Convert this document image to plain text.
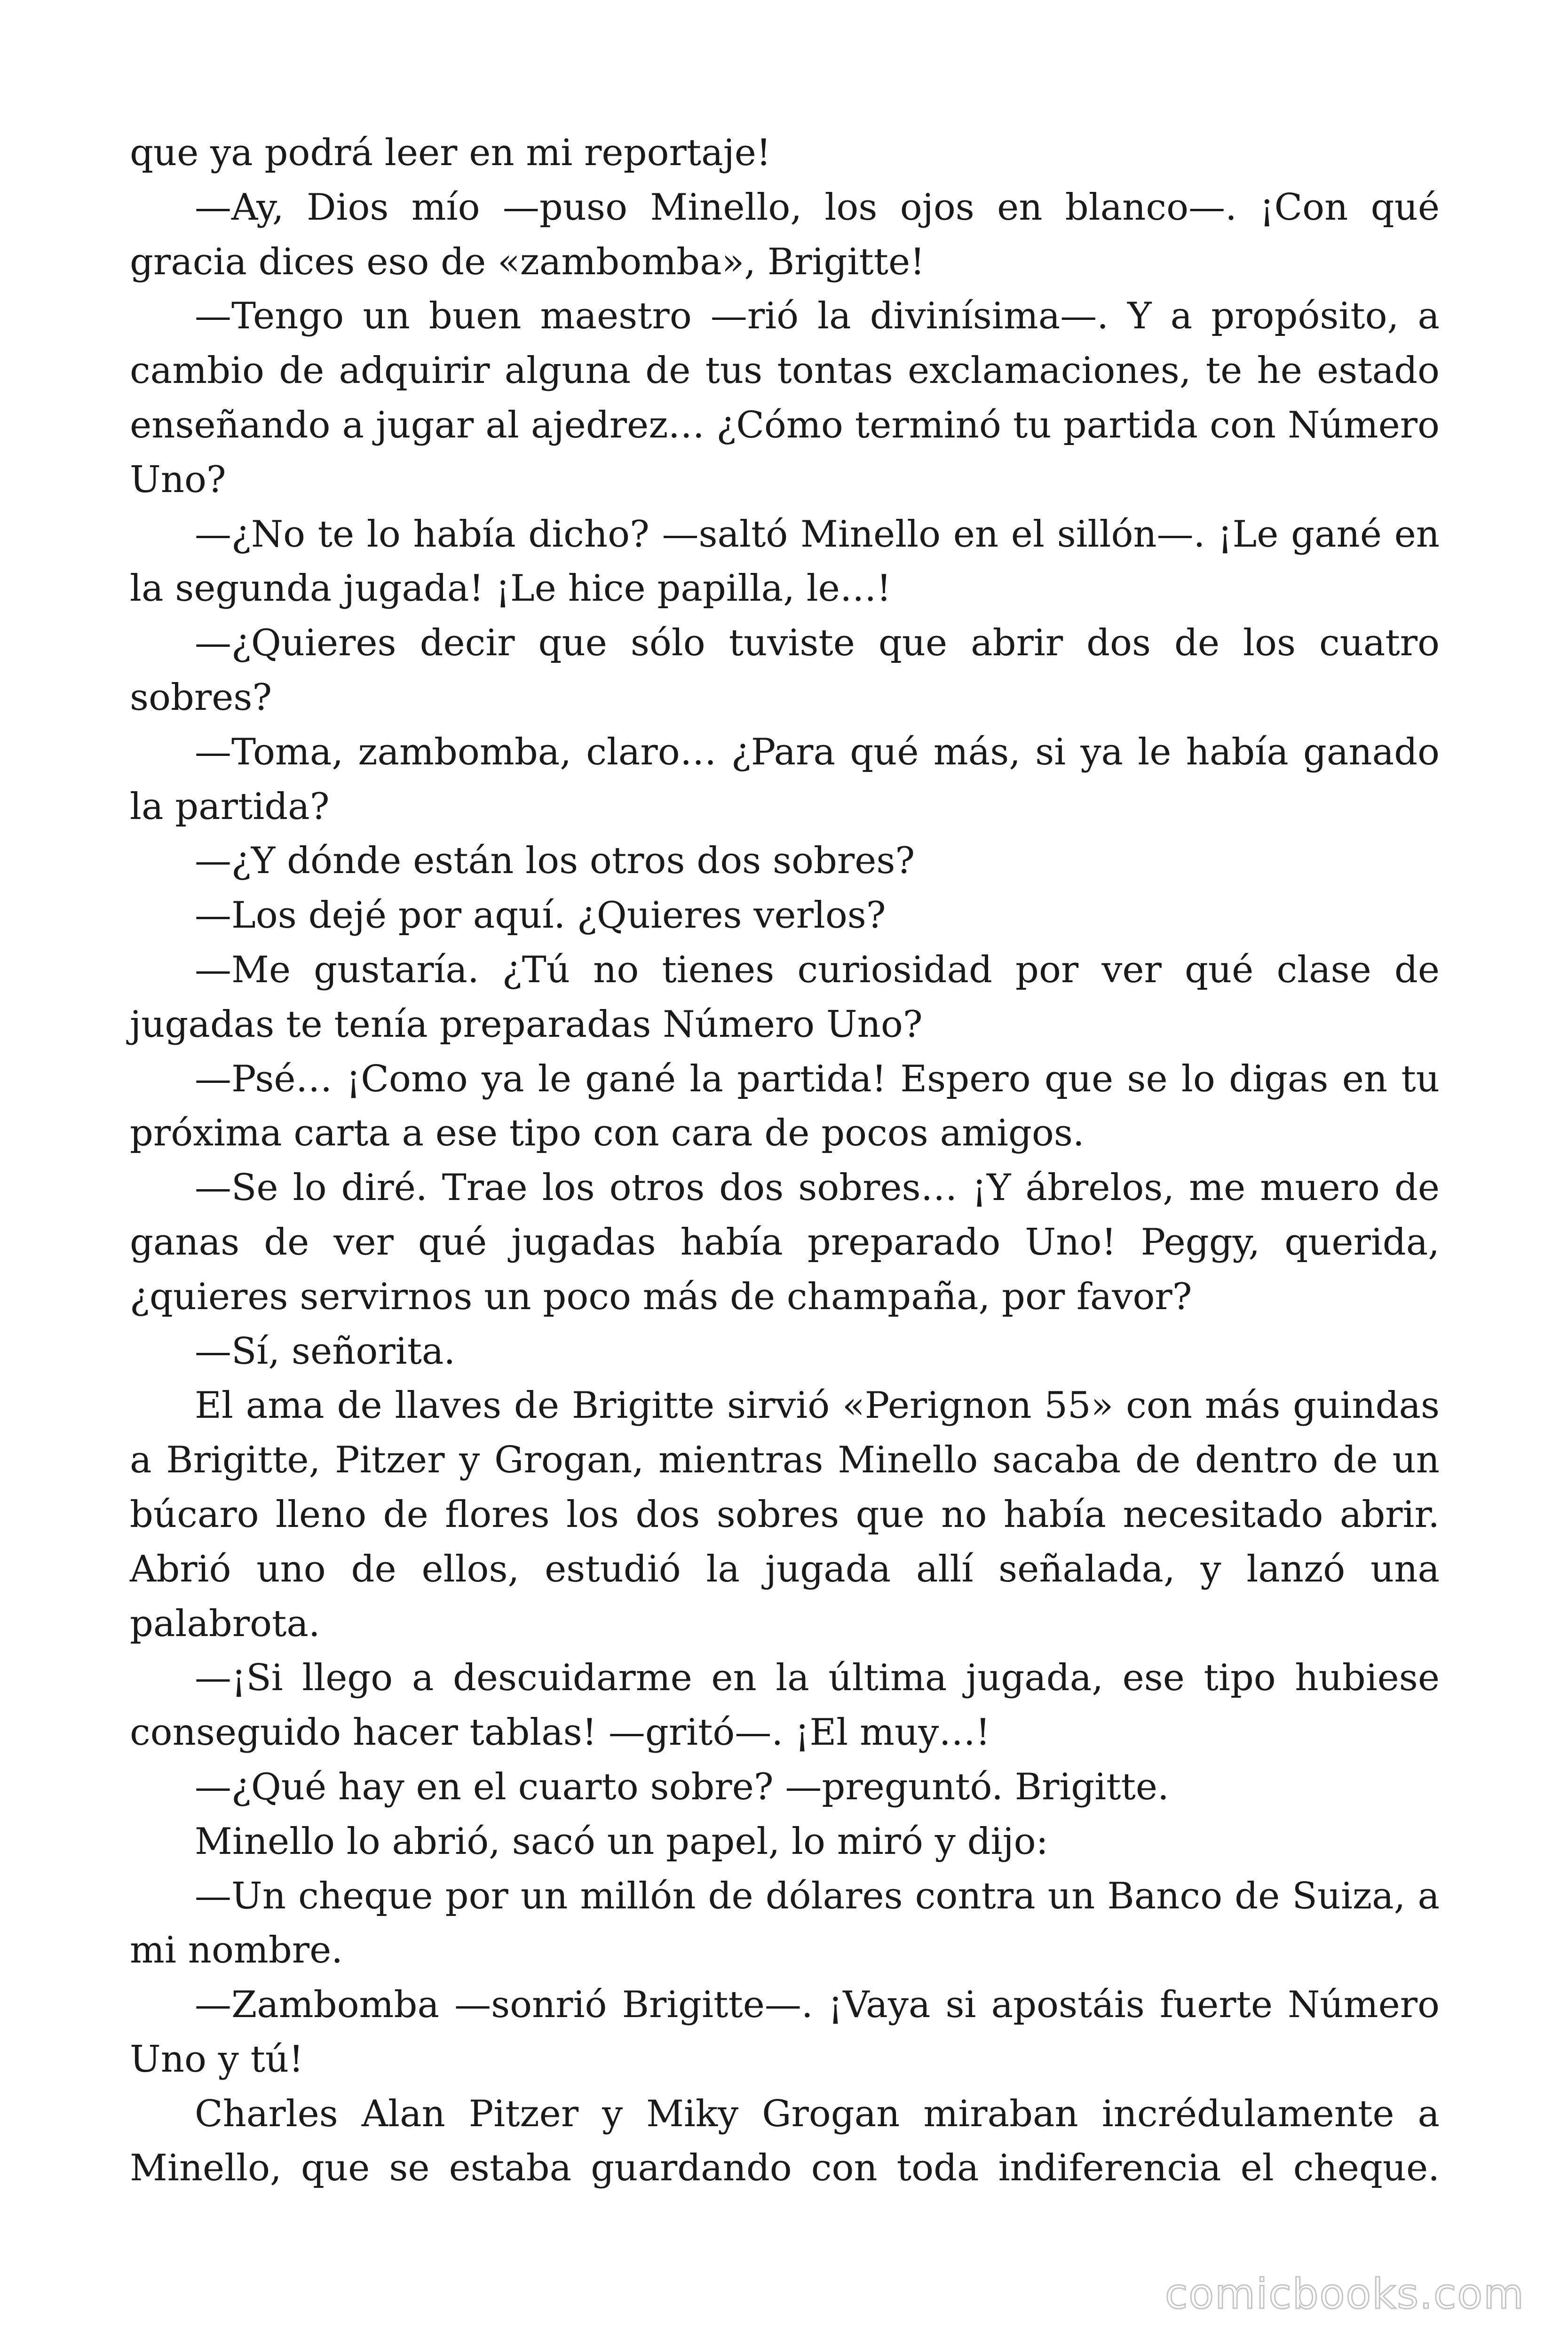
que ya podrá leer en mi reportaje!

—Ay, Dios mío —puso Minello, los ojos en blanco—. ¡Con qué gracia dices eso de «zambomba», Brigitte!

—Tengo un buen maestro —rió la divinísima—. Y a propósito, a cambio de adquirir alguna de tus tontas exclamaciones, te he estado enseñando a jugar al ajedrez… ¿Cómo terminó tu partida con Número Uno?

—¿No te lo había dicho? —saltó Minello en el sillón—. ¡Le gané en la segunda jugada! ¡Le hice papilla, le…!

—¿Quieres decir que sólo tuviste que abrir dos de los cuatro sobres?

—Toma, zambomba, claro… ¿Para qué más, si ya le había ganado la partida?

—¿Y dónde están los otros dos sobres?

—Los dejé por aquí. ¿Quieres verlos?

—Me gustaría. ¿Tú no tienes curiosidad por ver qué clase de jugadas te tenía preparadas Número Uno?

—Psé… ¡Como ya le gané la partida! Espero que se lo digas en tu próxima carta a ese tipo con cara de pocos amigos.

—Se lo diré. Trae los otros dos sobres… ¡Y ábrelos, me muero de ganas de ver qué jugadas había preparado Uno! Peggy, querida, ¿quieres servirnos un poco más de champaña, por favor?

—Sí, señorita.

El ama de llaves de Brigitte sirvió «Perignon 55» con más guindas a Brigitte, Pitzer y Grogan, mientras Minello sacaba de dentro de un búcaro lleno de flores los dos sobres que no había necesitado abrir. Abrió uno de ellos, estudió la jugada allí señalada, y lanzó una palabrota.

—¡Si llego a descuidarme en la última jugada, ese tipo hubiese conseguido hacer tablas! —gritó—. ¡El muy…!

—¿Qué hay en el cuarto sobre? —preguntó. Brigitte.

Minello lo abrió, sacó un papel, lo miró y dijo:

—Un cheque por un millón de dólares contra un Banco de Suiza, a mi nombre.

—Zambomba —sonrió Brigitte—. ¡Vaya si apostáis fuerte Número Uno y tú!

Charles Alan Pitzer y Miky Grogan miraban incrédulamente a Minello, que se estaba guardando con toda indiferencia el cheque.

comicbooks.com
